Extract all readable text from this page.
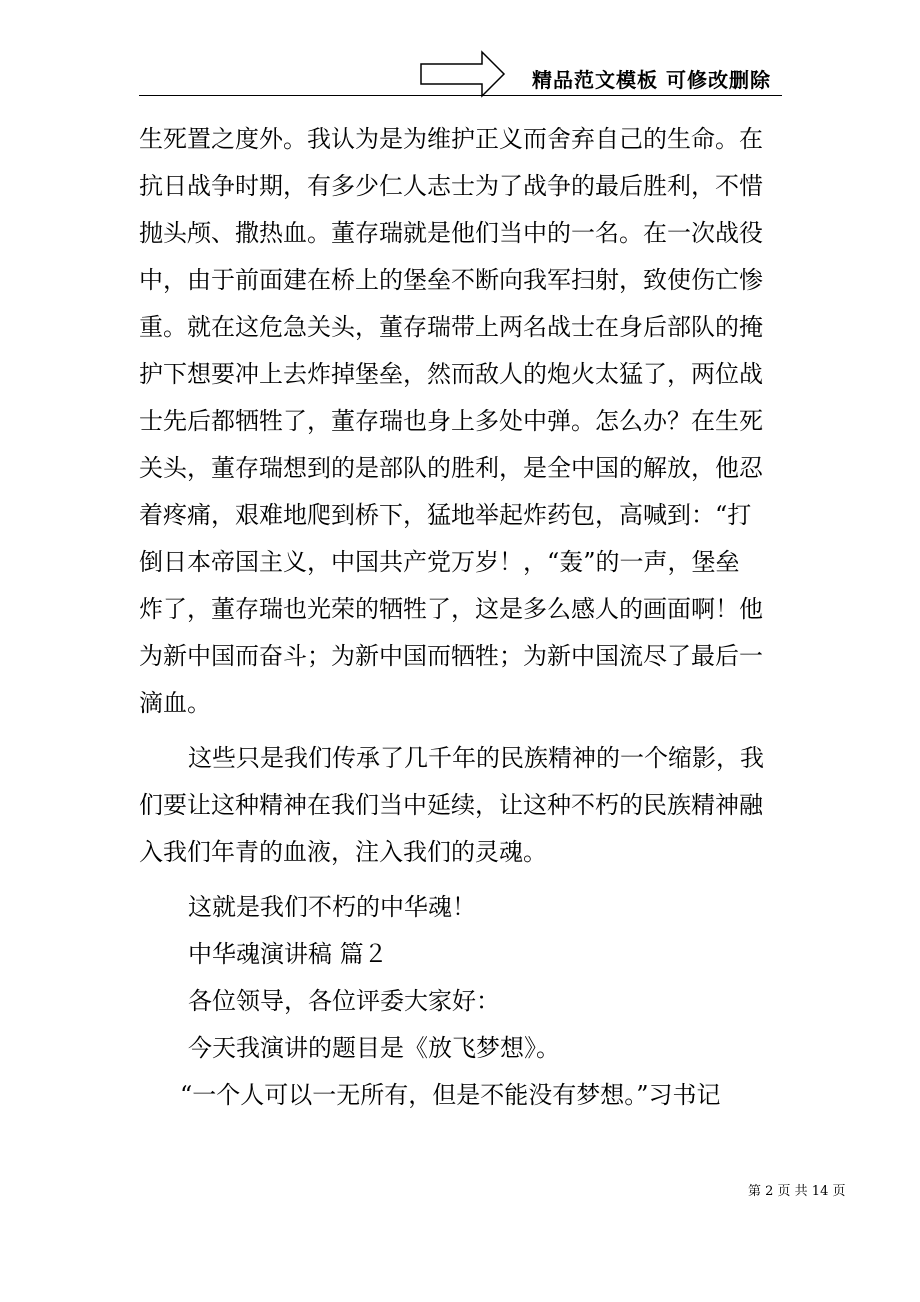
精品范文模板 可修改删除
生死置之度外。我认为是为维护正义而舍弃自己的生命。在
抗日战争时期，有多少仁人志士为了战争的最后胜利，不惜
抛头颅、撒热血。董存瑞就是他们当中的一名。在一次战役
中，由于前面建在桥上的堡垒不断向我军扫射，致使伤亡惨
重。就在这危急关头，董存瑞带上两名战士在身后部队的掩
护下想要冲上去炸掉堡垒，然而敌人的炮火太猛了，两位战
士先后都牺牲了，董存瑞也身上多处中弹。怎么办？在生死
关头，董存瑞想到的是部队的胜利，是全中国的解放，他忍
着疼痛，艰难地爬到桥下，猛地举起炸药包，高喊到：“打
倒日本帝国主义，中国共产党万岁！，“轰”的一声，堡垒
炸了，董存瑞也光荣的牺牲了，这是多么感人的画面啊！他
为新中国而奋斗；为新中国而牺牲；为新中国流尽了最后一
滴血。
这些只是我们传承了几千年的民族精神的一个缩影，我
们要让这种精神在我们当中延续，让这种不朽的民族精神融
入我们年青的血液，注入我们的灵魂。
这就是我们不朽的中华魂！
中华魂演讲稿 篇２
各位领导，各位评委大家好：
今天我演讲的题目是《放飞梦想》。
“一个人可以一无所有，但是不能没有梦想。”习书记
第 2 页 共 14 页
